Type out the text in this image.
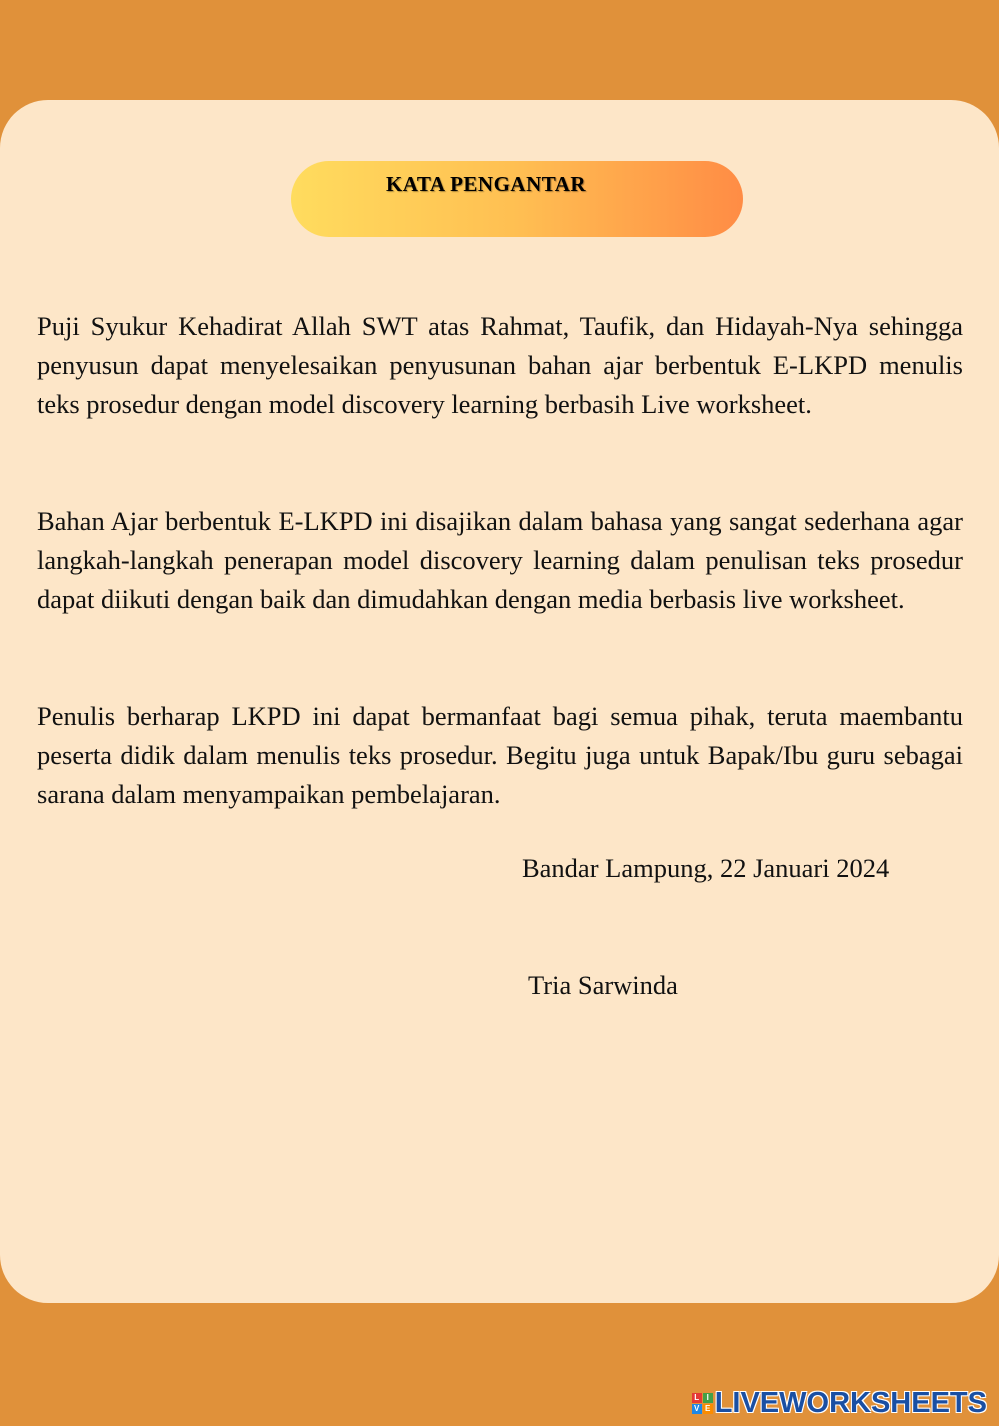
KATA PENGANTAR
Puji Syukur Kehadirat Allah SWT atas Rahmat, Taufik, dan Hidayah-Nya sehingga penyusun dapat menyelesaikan penyusunan bahan ajar berbentuk E-LKPD menulis teks prosedur dengan model discovery learning berbasih Live worksheet.
Bahan Ajar berbentuk E-LKPD ini disajikan dalam bahasa yang sangat sederhana agar langkah-langkah penerapan model discovery learning dalam penulisan teks prosedur dapat diikuti dengan baik dan dimudahkan dengan media berbasis live worksheet.
Penulis berharap LKPD ini dapat bermanfaat bagi semua pihak, teruta maembantu peserta didik dalam menulis teks prosedur. Begitu juga untuk Bapak/Ibu guru sebagai sarana dalam menyampaikan pembelajaran.
Bandar Lampung, 22 Januari 2024
Tria Sarwinda
L I
V E LIVEWORKSHEETS
